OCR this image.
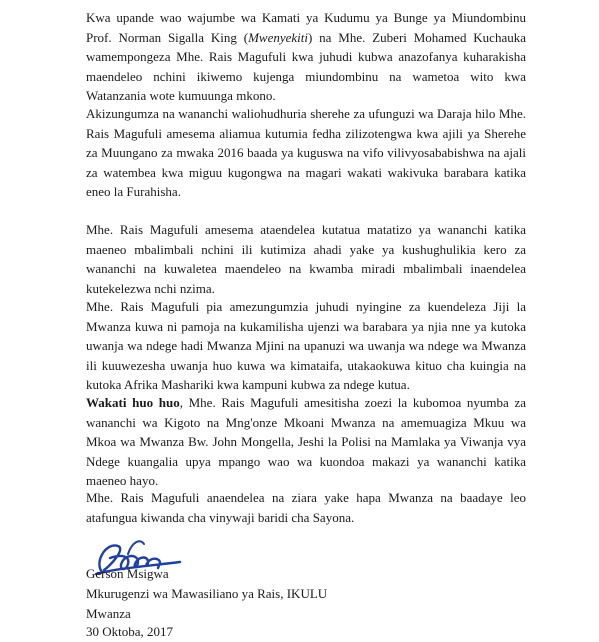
Kwa upande wao wajumbe wa Kamati ya Kudumu ya Bunge ya Miundombinu Prof. Norman Sigalla King (Mwenyekiti) na Mhe. Zuberi Mohamed Kuchauka wamempongeza Mhe. Rais Magufuli kwa juhudi kubwa anazofanya kuharakisha maendeleo nchini ikiwemo kujenga miundombinu na wametoa wito kwa Watanzania wote kumuunga mkono.

Akizungumza na wananchi waliohudhuria sherehe za ufunguzi wa Daraja hilo Mhe. Rais Magufuli amesema aliamua kutumia fedha zilizotengwa kwa ajili ya Sherehe za Muungano za mwaka 2016 baada ya kuguswa na vifo vilivyosababishwa na ajali za watembea kwa miguu kugongwa na magari wakati wakivuka barabara katika eneo la Furahisha.

Mhe. Rais Magufuli amesema ataendelea kutatua matatizo ya wananchi katika maeneo mbalimbali nchini ili kutimiza ahadi yake ya kushughulikia kero za wananchi na kuwaletea maendeleo na kwamba miradi mbalimbali inaendelea kutekelezwa nchi nzima.

Mhe. Rais Magufuli pia amezungumzia juhudi nyingine za kuendeleza Jiji la Mwanza kuwa ni pamoja na kukamilisha ujenzi wa barabara ya njia nne ya kutoka uwanja wa ndege hadi Mwanza Mjini na upanuzi wa uwanja wa ndege wa Mwanza ili kuuwezesha uwanja huo kuwa wa kimataifa, utakaokuwa kituo cha kuingia na kutoka Afrika Mashariki kwa kampuni kubwa za ndege kutua.

Wakati huo huo, Mhe. Rais Magufuli amesitisha zoezi la kubomoa nyumba za wananchi wa Kigoto na Mng'onze Mkoani Mwanza na amemuagiza Mkuu wa Mkoa wa Mwanza Bw. John Mongella, Jeshi la Polisi na Mamlaka ya Viwanja vya Ndege kuangalia upya mpango wao wa kuondoa makazi ya wananchi katika maeneo hayo.

Mhe. Rais Magufuli anaendelea na ziara yake hapa Mwanza na baadaye leo atafungua kiwanda cha vinywaji baridi cha Sayona.

Gerson Msigwa

Mkurugenzi wa Mawasiliano ya Rais, IKULU

Mwanza

30 Oktoba, 2017
